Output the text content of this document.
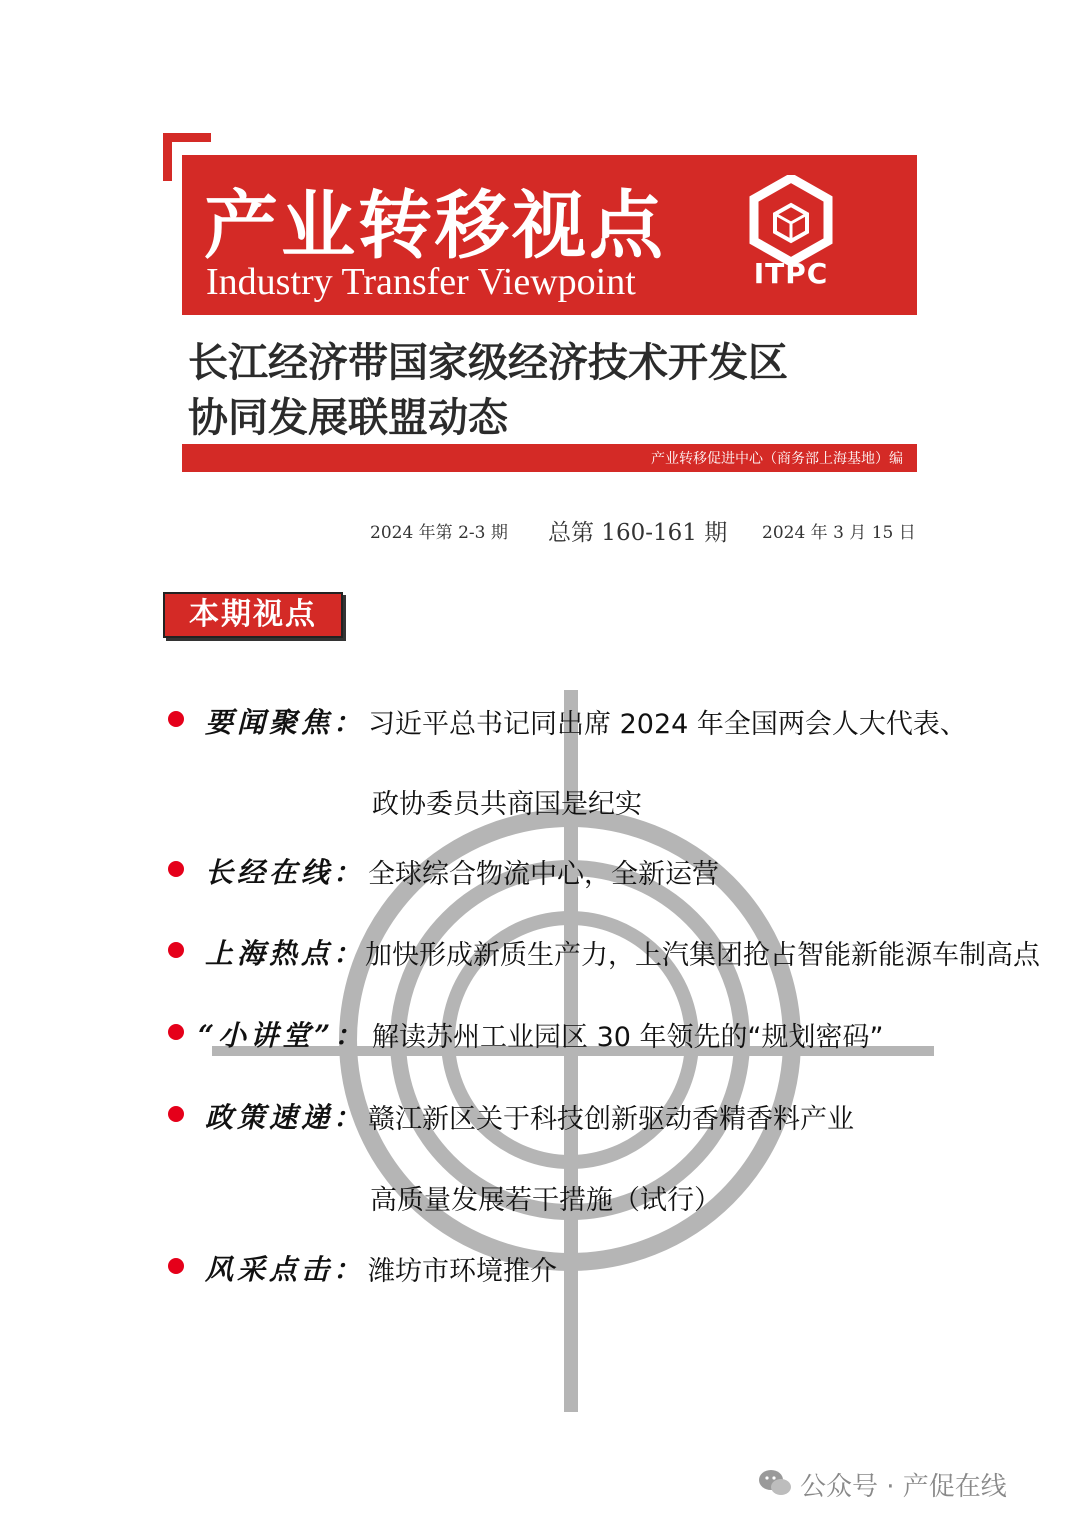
产业转移视点
Industry Transfer Viewpoint	ITPC
长江经济带国家级经济技术开发区
协同发展联盟动态
产业转移促进中心（商务部上海基地）编
2024 年第 2-3 期 总第 160-161 期 2024 年 3 月 15 日
本期视点
要闻聚焦： 习近平总书记同出席 2024 年全国两会人大代表、
政协委员共商国是纪实
长经在线： 全球综合物流中心，全新运营
上海热点： 加快形成新质生产力，上汽集团抢占智能新能源车制高点
“小讲堂”： 解读苏州工业园区 30 年领先的“规划密码”
政策速递： 赣江新区关于科技创新驱动香精香料产业
高质量发展若干措施（试行）
风采点击： 潍坊市环境推介
公众号 · 产促在线
